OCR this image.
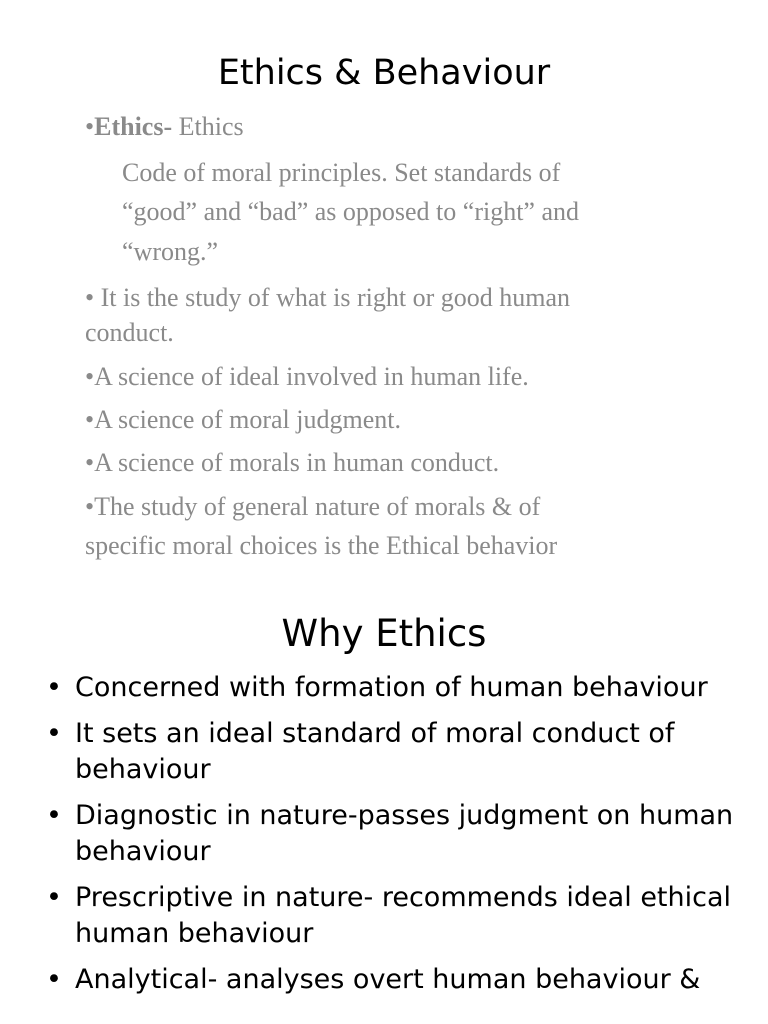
Ethics & Behaviour
•Ethics- Ethics
Code of moral principles. Set standards of
“good” and “bad” as opposed to “right” and
“wrong.”
• It is the study of what is right or good human
conduct.
•A science of ideal involved in human life.
•A science of moral judgment.
•A science of morals in human conduct.
•The study of general nature of morals & of
specific moral choices is the Ethical behavior
Why Ethics
• Concerned with formation of human behaviour
• It sets an ideal standard of moral conduct of behaviour
• Diagnostic in nature-passes judgment on human behaviour
• Prescriptive in nature- recommends ideal ethical human behaviour
• Analytical- analyses overt human behaviour &
